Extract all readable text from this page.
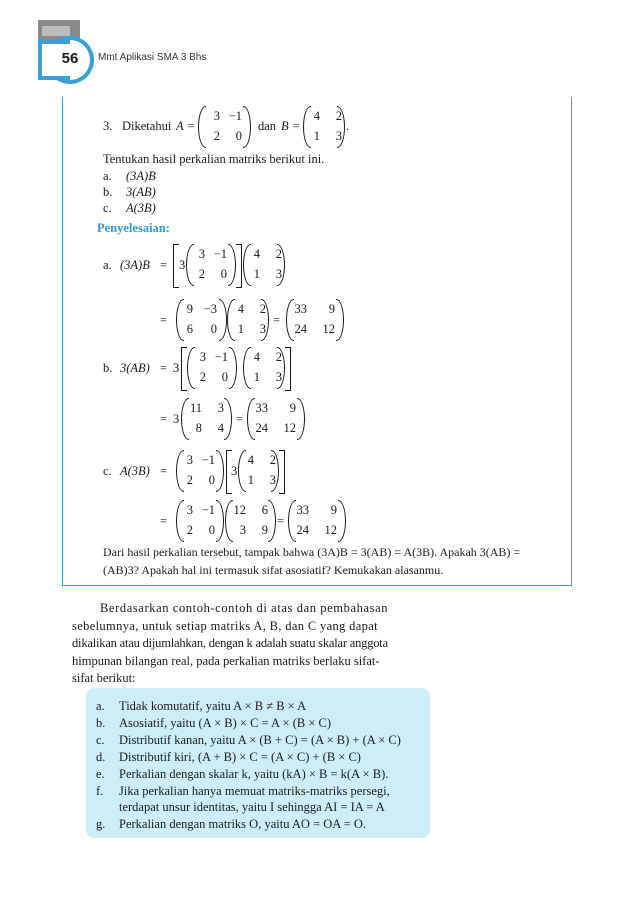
56	Mmt Aplikasi SMA 3 Bhs
3. Diketahui A =
3 −1
2	0
dan B =
4	2
1	3
.
Tentukan hasil perkalian matriks berikut ini.
a. (3A)B
b. 3(AB)
c. A(3B)
Penyelesaian:
a. (3A)B = 3
3 −1
2	0
4	2
1	3
=
9 −3
6	0
4	2
1	3
=
33	9
24	12
b. 3(AB) = 3
3 −1
2	0
4	2
1	3
= 3
11	3
8	4
=
33	9
24	12
c. A(3B) =
3 −1
2	0
3
4	2
1	3
=
3 −1
2	0
12	6
3	9
=
33	9
24	12
Dari hasil perkalian tersebut, tampak bahwa (3A)B = 3(AB) = A(3B). Apakah 3(AB) =
(AB)3? Apakah hal ini termasuk sifat asosiatif? Kemukakan alasanmu.
Berdasarkan contoh-contoh di atas dan pembahasan
sebelumnya, untuk setiap matriks A, B, dan C yang dapat
dikalikan atau dijumlahkan, dengan k adalah suatu skalar anggota
himpunan bilangan real, pada perkalian matriks berlaku sifat-
sifat berikut:
a. Tidak komutatif, yaitu A × B ≠ B × A
b. Asosiatif, yaitu (A × B) × C = A × (B × C)
c. Distributif kanan, yaitu A × (B + C) = (A × B) + (A × C)
d. Distributif kiri, (A + B) × C = (A × C) + (B × C)
e. Perkalian dengan skalar k, yaitu (kA) × B = k(A × B).
f. Jika perkalian hanya memuat matriks-matriks persegi,
terdapat unsur identitas, yaitu I sehingga AI = IA = A
g. Perkalian dengan matriks O, yaitu AO = OA = O.
